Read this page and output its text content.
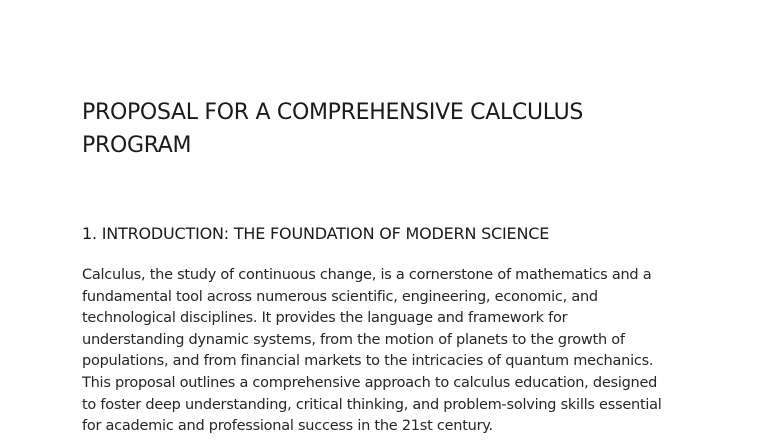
PROPOSAL FOR A COMPREHENSIVE CALCULUS
PROGRAM
1. INTRODUCTION: THE FOUNDATION OF MODERN SCIENCE

Calculus, the study of continuous change, is a cornerstone of mathematics and a
fundamental tool across numerous scientific, engineering, economic, and
technological disciplines. It provides the language and framework for
understanding dynamic systems, from the motion of planets to the growth of
populations, and from financial markets to the intricacies of quantum mechanics.
This proposal outlines a comprehensive approach to calculus education, designed
to foster deep understanding, critical thinking, and problem-solving skills essential
for academic and professional success in the 21st century.
